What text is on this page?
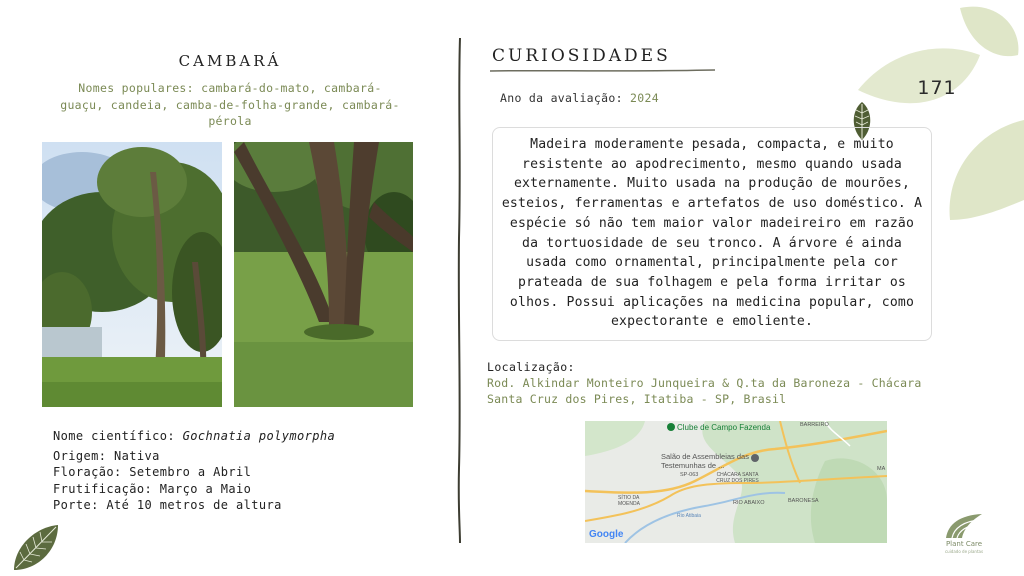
CAMBARÁ
Nomes populares: cambará-do-mato, cambará-guaçu, candeia, camba-de-folha-grande, cambará-pérola
Nome científico: Gochnatia polymorpha
Origem: Nativa
Floração: Setembro a Abril
Frutificação: Março a Maio
Porte: Até 10 metros de altura
CURIOSIDADES
Ano da avaliação: 2024	171
Madeira moderamente pesada, compacta, e muito resistente ao apodrecimento, mesmo quando usada externamente. Muito usada na produção de mourões, esteios, ferramentas e artefatos de uso doméstico. A espécie só não tem maior valor madeireiro em razão da tortuosidade de seu tronco. A árvore é ainda usada como ornamental, principalmente pela cor prateada de sua folhagem e pela forma irritar os olhos. Possui aplicações na medicina popular, como expectorante e emoliente.
Localização:
Rod. Alkindar Monteiro Junqueira & Q.ta da Baroneza - Chácara Santa Cruz dos Pires, Itatiba - SP, Brasil
Clube de Campo Fazenda
Salão de Assembleias das Testemunhas de ...
BARREIRO
SP-063	CHÁCARA SANTA CRUZ DOS PIRES
SÍTIO DA MOENDA	RIO ABAIXO	BARONESA
Rio Atibaia
MA
Google
Plant Care
cuidado de plantas
